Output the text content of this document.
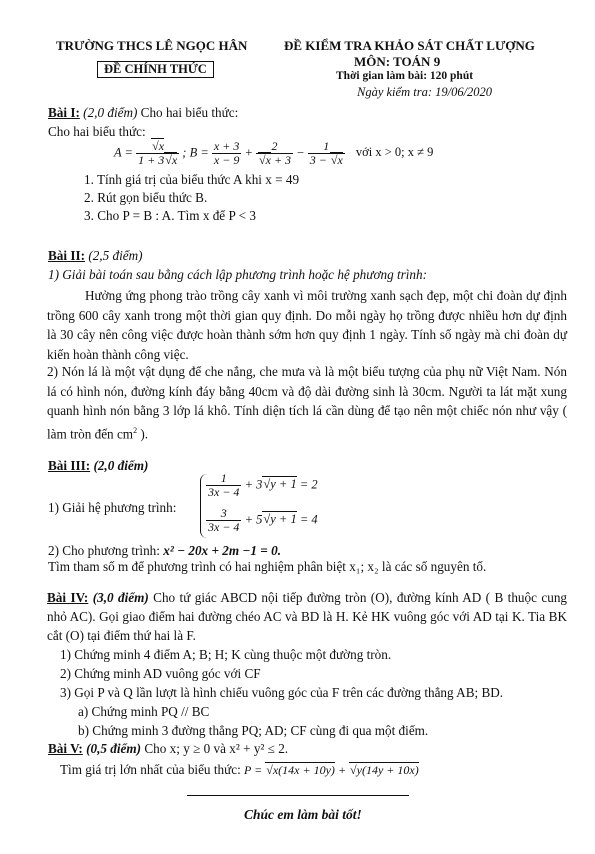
TRƯỜNG THCS LÊ NGỌC HÂN
ĐỀ CHÍNH THỨC
ĐỀ KIỂM TRA KHẢO SÁT CHẤT LƯỢNG
MÔN: TOÁN 9
Thời gian làm bài: 120 phút
Ngày kiểm tra: 19/06/2020
Bài I: (2,0 điểm) Cho hai biểu thức:
Cho hai biểu thức:
A =
√ $\frac{x}{1 + 3√ x}$ ; $B = \frac{x + 3}{x - 9} + 2$
√ $x + 3 - \frac{1}{3 - √ x}$ với x > 0; x ≠ 9
1. Tính giá trị của biểu thức A khi x = 49
2. Rút gọn biểu thức B.
3. Cho P = B : A. Tìm x để P < 3
Bài II: (2,5 điểm)
1) Giải bài toán sau bằng cách lập phương trình hoặc hệ phương trình:
Hưởng ứng phong trào trồng cây xanh vì môi trường xanh sạch đẹp, một chi đoàn dự định trồng 600 cây xanh trong một thời gian quy định. Do mỗi ngày họ trồng được nhiều hơn dự định là 30 cây nên công việc được hoàn thành sớm hơn quy định 1 ngày. Tính số ngày mà chi đoàn dự kiến hoàn thành công việc.
2) Nón lá là một vật dụng để che nắng, che mưa và là một biểu tượng của phụ nữ Việt Nam. Nón lá có hình nón, đường kính đáy bằng 40cm và độ dài đường sinh là 30cm. Người ta lát mặt xung quanh hình nón bằng 3 lớp lá khô. Tính diện tích lá cần dùng để tạo nên một chiếc nón như vậy ( làm tròn đến $cm^2$ ).
Bài III: (2,0 điểm)
1) Giải hệ phương trình:
$\frac{1}{3x - 4} + 3√$ y + 1 = 2
$\frac{3}{3x - 4} + 5√$ y + 1 = 4
2) Cho phương trình: x² − 20x + 2m −1 = 0.
Tìm tham số m để phương trình có hai nghiệm phân biệt x₁; x₂ là các số nguyên tố.
Bài IV: (3,0 điểm) Cho tứ giác ABCD nội tiếp đường tròn (O), đường kính AD ( B thuộc cung nhỏ AC). Gọi giao điểm hai đường chéo AC và BD là H. Kẻ HK vuông góc với AD tại K. Tia BK cắt (O) tại điểm thứ hai là F.
1) Chứng minh 4 điểm A; B; H; K cùng thuộc một đường tròn.
2) Chứng minh AD vuông góc với CF
3) Gọi P và Q lần lượt là hình chiếu vuông góc của F trên các đường thẳng AB; BD.
a) Chứng minh PQ // BC
b) Chứng minh 3 đường thẳng PQ; AD; CF cùng đi qua một điểm.
Bài V: (0,5 điểm) Cho x; y ≥ 0 và x² + y² ≤ 2.
Tìm giá trị lớn nhất của biểu thức: P = √ x(14x + 10y) + √ y(14y + 10x)
Chúc em làm bài tốt!
